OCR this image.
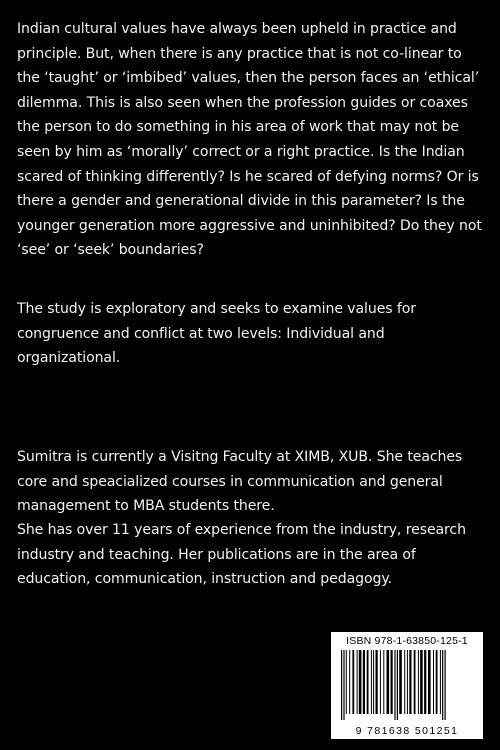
Indian cultural values have always been upheld in practice and principle. But, when there is any practice that is not co-linear to the ‘taught’ or ‘imbibed’ values, then the person faces an ‘ethical’ dilemma. This is also seen when the profession guides or coaxes the person to do something in his area of work that may not be seen by him as ‘morally’ correct or a right practice. Is the Indian scared of thinking differently? Is he scared of defying norms? Or is there a gender and generational divide in this parameter? Is the younger generation more aggressive and uninhibited? Do they not ‘see’ or ‘seek’ boundaries?

The study is exploratory and seeks to examine values for congruence and conflict at two levels: Individual and organizational.

Sumitra is currently a Visitng Faculty at XIMB, XUB. She teaches core and speacialized courses in communication and general management to MBA students there.

She has over 11 years of experience from the industry, research industry and teaching. Her publications are in the area of education, communication, instruction and pedagogy.

ISBN 978-1-63850-125-1
9 781638 501251
